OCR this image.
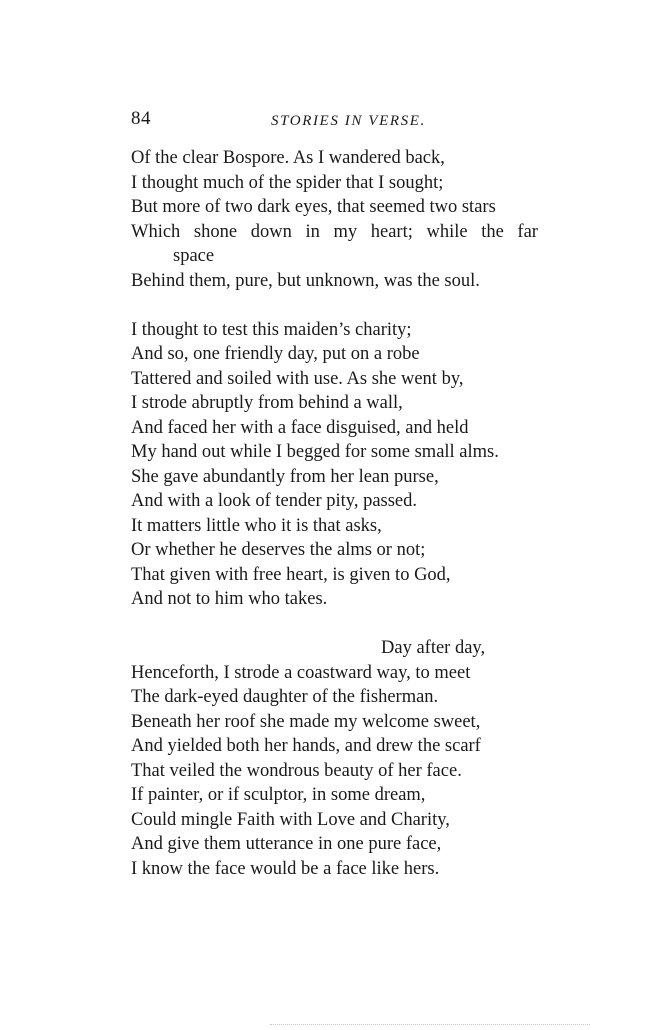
84	STORIES IN VERSE.
Of the clear Bospore. As I wandered back,
I thought much of the spider that I sought;
But more of two dark eyes, that seemed two stars
Which shone down in my heart; while the far
space
Behind them, pure, but unknown, was the soul.
I thought to test this maiden’s charity;
And so, one friendly day, put on a robe
Tattered and soiled with use. As she went by,
I strode abruptly from behind a wall,
And faced her with a face disguised, and held
My hand out while I begged for some small alms.
She gave abundantly from her lean purse,
And with a look of tender pity, passed.
It matters little who it is that asks,
Or whether he deserves the alms or not;
That given with free heart, is given to God,
And not to him who takes.
Day after day,
Henceforth, I strode a coastward way, to meet
The dark-eyed daughter of the fisherman.
Beneath her roof she made my welcome sweet,
And yielded both her hands, and drew the scarf
That veiled the wondrous beauty of her face.
If painter, or if sculptor, in some dream,
Could mingle Faith with Love and Charity,
And give them utterance in one pure face,
I know the face would be a face like hers.
